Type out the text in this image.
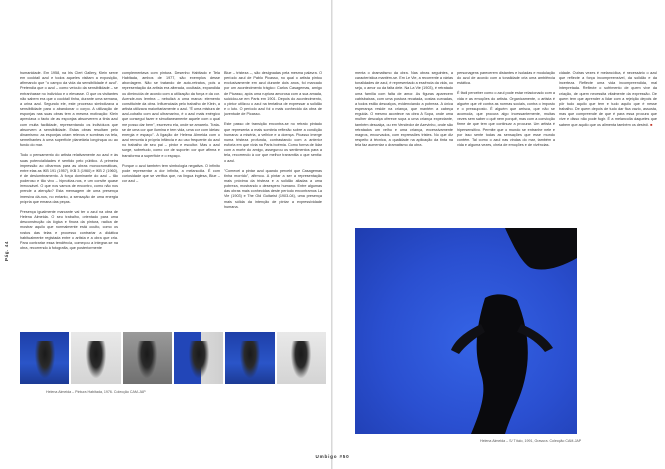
Pág. 44

humanidade. Em 1958, na Iris Clert Gallery, Klein serve em cocktail azul e todos aqueles visitam a exposição, afirmando que "o campo da vida da sensibilidade é azul". Pretendia que o azul – como veículo da sensibilidade – se entranhasse no indivíduo e o elevasse. O que os visitantes não sabem era que o cocktail tinha, durante uma semana, a urina azul. Segundo ele, este processo simbolizava a sensibilidade para o abandonar o corpo. A utilização de esponjas nas suas obras tem a mesma motivação: Klein apreciava o facto de as esponjas absorverem a tinta azul com muita facilidade, representando os indivíduos que absorvem a sensibilidade. Estas obras resultam pelo dinamismo: as esponjas criam relevos e sombras na tela, semelhantes à uma superfície planetária longínqua ou ao fundo do mar.

Todo o pensamento do artista relativamente ao azul e às suas potencialidades é sentido pelo público. A primeira impressão ao olharmos para as obras monocromáticas, entre elas as IKB 191 (1957), IKB 3 (1960) e IKB 2 (1960), é de deslumbramento. A força dominante do azul – tão poderoso e tão vivo – hipnotiza-nos, e um convite quase irrecusável. O que nos vamos de encontro, como não nos prende a atenção? Esta mensagem de uma presença imersiva dá-nos, no entanto, a sensação de uma energia própria que emana das peças.

Presença igualmente marcante vai ter o azul na obra de Helena Almeida. O seu trabalho, orientado para uma desconstrução da lógica e finura da pintura, radica de mostrar aquilo que normalmente está oculto, como os rostos das telas e processo contrariar a didática habitualmente registada entre o artista e a obra que cria. Para contrariar essa tendência, começou a integrar-se na obra, recorrendo à fotografia, que posteriormente

complementava com pintura. Desenho Habitado e Tela Habitada, ambos de 1977, são exemplos desse abordagem. Não se tratando de auto-retratos, pois a representação da artista era alterada, ocultada, expandida ou diminuída de acordo com a utilização da força e da cor. Acende-nos lembra – nebulizá a uma marca: elemento constituinte da obra. Influenciada pelo trabalho de Klein, a artista utilizava maioritariamente o azul. "É uma mistura de azul-cobalto com azul ultramarino, é o azul mais enérgico que conseguí fazer e simultaneamente aquele com o qual me posso dar bem", escreveu ela, onde se amarelo. Trata-se de uma cor que ilumina e tem vida, uma cor com ideias: energia e espaço". A ligação de Helena Almeida com o azul remonta à própria infância e ao uso frequente do azul no trabalho de seu pai – pintor e escultor. Mas o azul surge, sobretudo, como cor de suporte: cor que afirma e transforma a superfície e o espaço.

Porque o azul também tem simbologia negativa. O infinito pode representar a dor infinita, a melancolia. É com curiosidade que se verifica que, na língua inglesa, Blue – cor azul –

Blue – tristeza –, são designadas pela mesma palavra. O período azul de Pablo Picasso, no qual o artista pintou exclusivamente em azul durante dois anos, foi marcado por um acontecimento trágico: Carlos Casagemas, amigo de Picasso, após uma ruptura amorosa com a sua amada, suicidou-se em Paris em 1901. Depois do acontecimento, o pintor utilizou o azul na tentativa de expressar a solidão e o luto. O período azul foi o mais conhecido da obra de juventude de Picasso.

Este passo de transição encontra-se no retrato pintado que representa a mais sombria reflexão sobre a condição humana: a miséria, a velhice e a doença. Picasso imerge numa tristeza profunda, contrastando com a anterior euforia em que vivia na Paris boémia. Como forma de lidar com a morte do amigo, assegurou os sentimentos para a tela, recorrendo à cor que melhor transmitia o que sentia: o azul.

"Comecei a pintar azul quando percebi que Casagemas tinha morrido", afirmou. A pintar a ser a representação mais próxima da tristeza e a solidão aliadas a uma pobreza, mostrando o desespero humano. Entre algumas das obras mais conhecidas deste período encontramos La Vie (1903) e The Old Guitarist (1903-04), uma presença mais sólida da intenção de pintar a expressividade humana.

Helena Almeida – Pintura Habitada, 1976. Colecção CAM-JAP

menta o dramatismo da obra. Nas obras seguintes, a característica mantém-se. Em Le Vie, a recorrente a várias tonalidades de azul, é representado a essência da vida, ou seja, o amor ou da falta dele. Na La Vie (1903), é retratado uma família com falta de amor. As figuras aparecem cabisbaixas, com uma postura recatada, costas curvadas, a todos estão descalços, evidenciando a pobreza. A única esperança reside na criança, que mantém a cabeça erguida. O mesmo acontece na obra A Sopa, onde uma mulher descalça oferece sopa a uma criança expectante, também descalça, ou em Vendedor de Azevinho, onde são retratados um velho e uma criança, excessivamente magros, encurvados, com expressões tristes. No que diz respeito à técnica, a qualidade na aplicação da tinta na tela faz aumentar o dramatismo da obra.

personagens parecerem distantes e isoladas e modulação do azul de acordo com a tonalidade cria uma ambiência estática.

É fácil perceber como o azul pode estar relacionado com a vida e as emoções do artista. Organicamente, o artista é alguém que vê contra as normas sociais, contra o imposto e o pressuposto. É alguém que arrisca, que não se acomoda, que procura algo incessantemente, muitas vezes sem saber o quê nem porquê, mas com a convicção firme de que tem que continuar a procurar. Um artista é hipersensitivo. Permite que o mundo se entranhe nele e por isso sente todas as sensações que esse mundo contém. Tal como o azul nas vindas do mar, também a vida e alguma vezes, cheia de emoções e de vivências.

cidade. Outras vezes é melancólica, é necessário o azul que reflecte a força incompreensível, da solidão e da incerteza. Reflecte uma vida incompreendida, mal interpretada. Reflecte o sofrimento de quem vive da criação, de quem necessita vitalmente da expressão. De quem tem que aprender a lidar com a rejeição depois de pôr tudo aquilo que tem e tudo aquilo que é nesse trabalho. De quem depois de tudo dar fica vazio, assusta, mas que compreende de que é para essa procura que vive e disso não pode fugir. É a melancolia daqueles que sabem que aquilo que os alimenta também os destrói. ■

Helena Almeida – S/ Título, 1991, Gravura. Colecção CAM-JAP
Umbigo #50
